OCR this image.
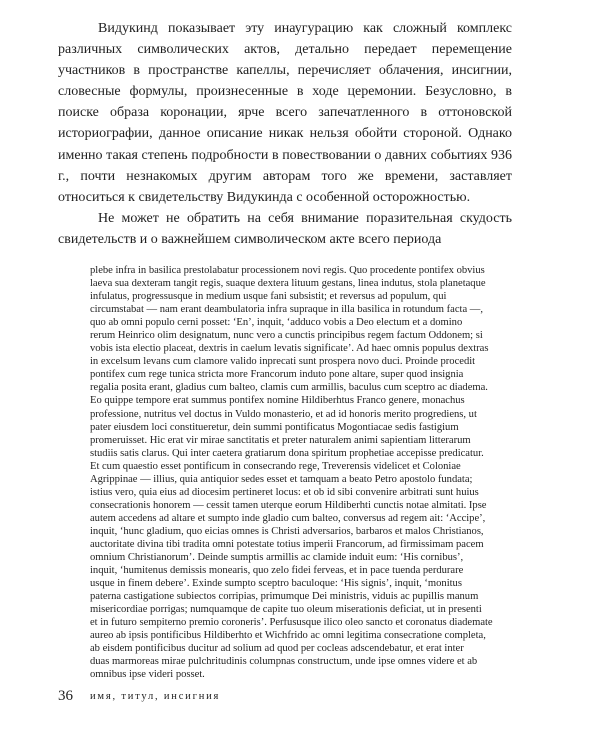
Видукинд показывает эту инаугурацию как сложный комплекс различных символических актов, детально передает перемещение участников в пространстве капеллы, перечисляет облачения, инсигнии, словесные формулы, произнесенные в ходе церемонии. Безусловно, в поиске образа коронации, ярче всего запечатленного в оттоновской историографии, данное описание никак нельзя обойти стороной. Однако именно такая степень подробности в повествовании о давних событиях 936 г., почти незнакомых другим авторам того же времени, заставляет относиться к свидетельству Видукинда с особенной осторожностью.

Не может не обратить на себя внимание поразительная скудость свидетельств и о важнейшем символическом акте всего периода

plebe infra in basilica prestolabatur processionem novi regis. Quo procedente pontifex obvius

laeva sua dexteram tangit regis, suaque dextera lituum gestans, linea indutus, stola planetaque

infulatus, progressusque in medium usque fani subsistit; et reversus ad populum, qui

circumstabat — nam erant deambulatoria infra supraque in illa basilica in rotundum facta —,

quo ab omni populo cerni posset: ‘En’, inquit, ‘adduco vobis a Deo electum et a domino

rerum Heinrico olim designatum, nunc vero a cunctis principibus regem factum Oddonem; si

vobis ista electio placeat, dextris in caelum levatis significate’. Ad haec omnis populus dextras

in excelsum levans cum clamore valido inprecati sunt prospera novo duci. Proinde procedit

pontifex cum rege tunica stricta more Francorum induto pone altare, super quod insignia

regalia posita erant, gladius cum balteo, clamis cum armillis, baculus cum sceptro ac diadema.

Eo quippe tempore erat summus pontifex nomine Hildiberhtus Franco genere, monachus

professione, nutritus vel doctus in Vuldo monasterio, et ad id honoris merito progrediens, ut

pater eiusdem loci constitueretur, dein summi pontificatus Mogontiacae sedis fastigium

promeruisset. Hic erat vir mirae sanctitatis et preter naturalem animi sapientiam litterarum

studiis satis clarus. Qui inter caetera gratiarum dona spiritum prophetiae accepisse predicatur.

Et cum quaestio esset pontificum in consecrando rege, Treverensis videlicet et Coloniae

Agrippinae — illius, quia antiquior sedes esset et tamquam a beato Petro apostolo fundata;

istius vero, quia eius ad diocesim pertineret locus: et ob id sibi convenire arbitrati sunt huius

consecrationis honorem — cessit tamen uterque eorum Hildiberhti cunctis notae almitati. Ipse

autem accedens ad altare et sumpto inde gladio cum balteo, conversus ad regem ait: ‘Accipe’,

inquit, ‘hunc gladium, quo eicias omnes is Christi adversarios, barbaros et malos Christianos,

auctoritate divina tibi tradita omni potestate totius imperii Francorum, ad firmissimam pacem

omnium Christianorum’. Deinde sumptis armillis ac clamide induit eum: ‘His cornibus’,

inquit, ‘humitenus demissis monearis, quo zelo fidei ferveas, et in pace tuenda perdurare

usque in finem debere’. Exinde sumpto sceptro baculoque: ‘His signis’, inquit, ‘monitus

paterna castigatione subiectos corripias, primumque Dei ministris, viduis ac pupillis manum

misericordiae porrigas; numquamque de capite tuo oleum miserationis deficiat, ut in presenti

et in futuro sempiterno premio coroneris’. Perfususque ilico oleo sancto et coronatus diademate

aureo ab ipsis pontificibus Hildiberhto et Wichfrido ac omni legitima consecratione completa,

ab eisdem pontificibus ducitur ad solium ad quod per cocleas adscendebatur, et erat inter

duas marmoreas mirae pulchritudinis columpnas constructum, unde ipse omnes videre et ab

omnibus ipse videri posset.

36 имя, титул, инсигния
